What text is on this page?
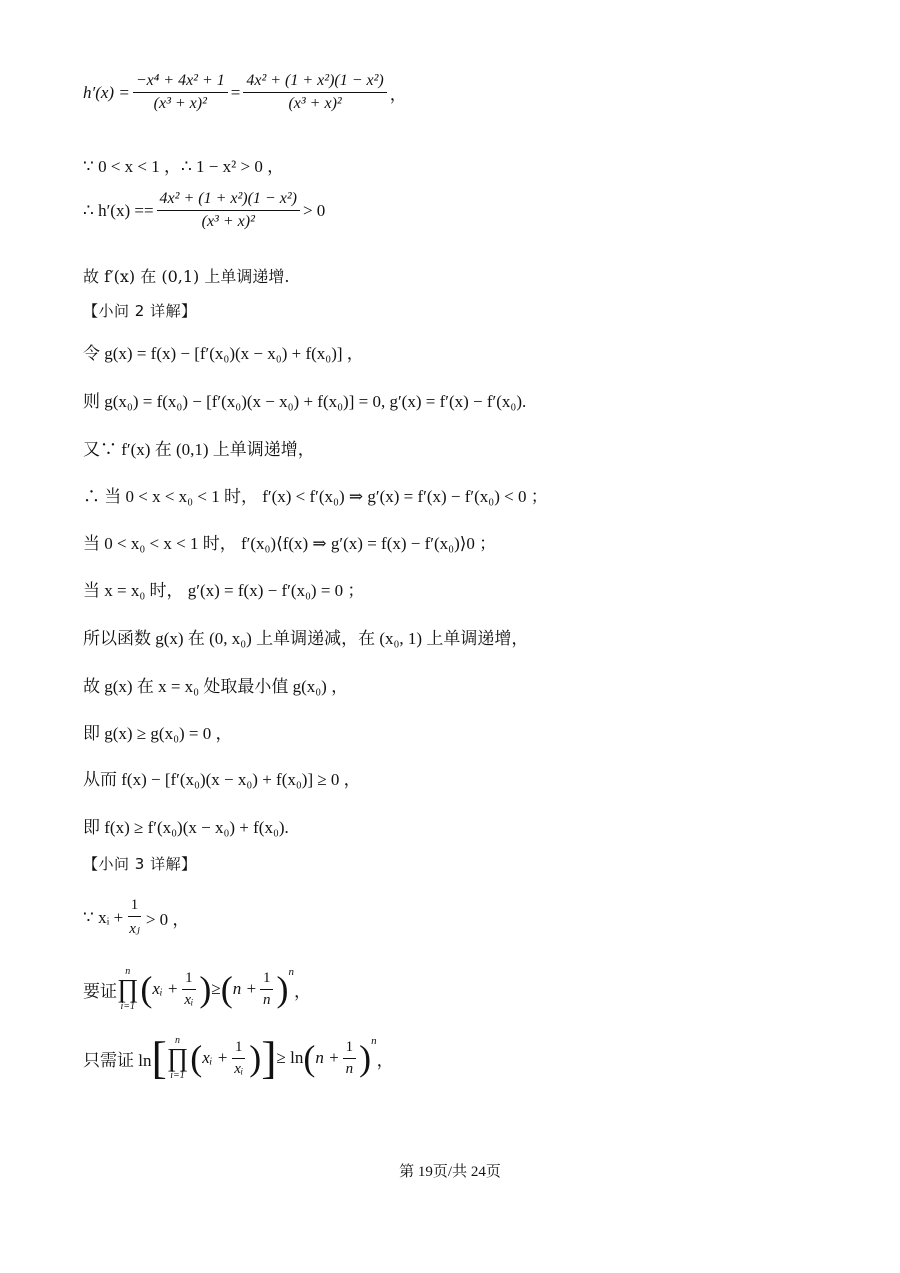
$h'(x) = \frac{\text{−x⁴ + 4x² + 1}}{\text{(x³ + x)²}} = \frac{\text{4x² + (1 + x²)(1 − x²)}}{\text{(x³ + x)²}}$ ，
∵ 0 < x < 1 ，∴ 1 − x² > 0 ，
∴ $h'(x) == \frac{\text{4x² + (1 + x²)(1 − x²)}}{\text{(x³ + x)²}} > 0$
故 f′(x) 在 (0,1) 上单调递增.
【小问 2 详解】
令 g(x) = f(x) − [f′(x₀)(x − x₀) + f(x₀)] ，
则 g(x₀) = f(x₀) − [f′(x₀)(x − x₀) + f(x₀)] = 0, g′(x) = f′(x) − f′(x₀).
又∵ f′(x) 在 (0,1) 上单调递增，
∴ 当 0 < x < x₀ < 1 时， f′(x) < f′(x₀) ⇒ g′(x) = f′(x) − f′(x₀) < 0 ；
当 0 < x₀ < x < 1 时， f′(x₀)⟨f(x) ⇒ g′(x) = f(x) − f′(x₀)⟩0 ；
当 x = x₀ 时， g′(x) = f(x) − f′(x₀) = 0 ；
所以函数 g(x) 在 (0, x₀) 上单调递减，在 (x₀, 1) 上单调递增，
故 g(x) 在 x = x₀ 处取最小值 g(x₀) ，
即 g(x) ≥ g(x₀) = 0 ，
从而 f(x) − [f′(x₀)(x − x₀) + f(x₀)] ≥ 0 ，
即 f(x) ≥ f′(x₀)(x − x₀) + f(x₀).
【小问 3 详解】
∵ xᵢ + $\frac{1}{\text{xⱼ}} > 0$ ，
要证
n
∏
i=1 ( xᵢ + $\frac{1}{\text{xᵢ}}$ ) ≥ ( $n + \frac{1}{n} )^n$
，
只需证 ln [ n
∏
i=1 ( xᵢ + $\frac{1}{\text{xᵢ}}$ ) ] ≥ ln ( $n + \frac{1}{n} )^n$
，
第 19页/共 24页
